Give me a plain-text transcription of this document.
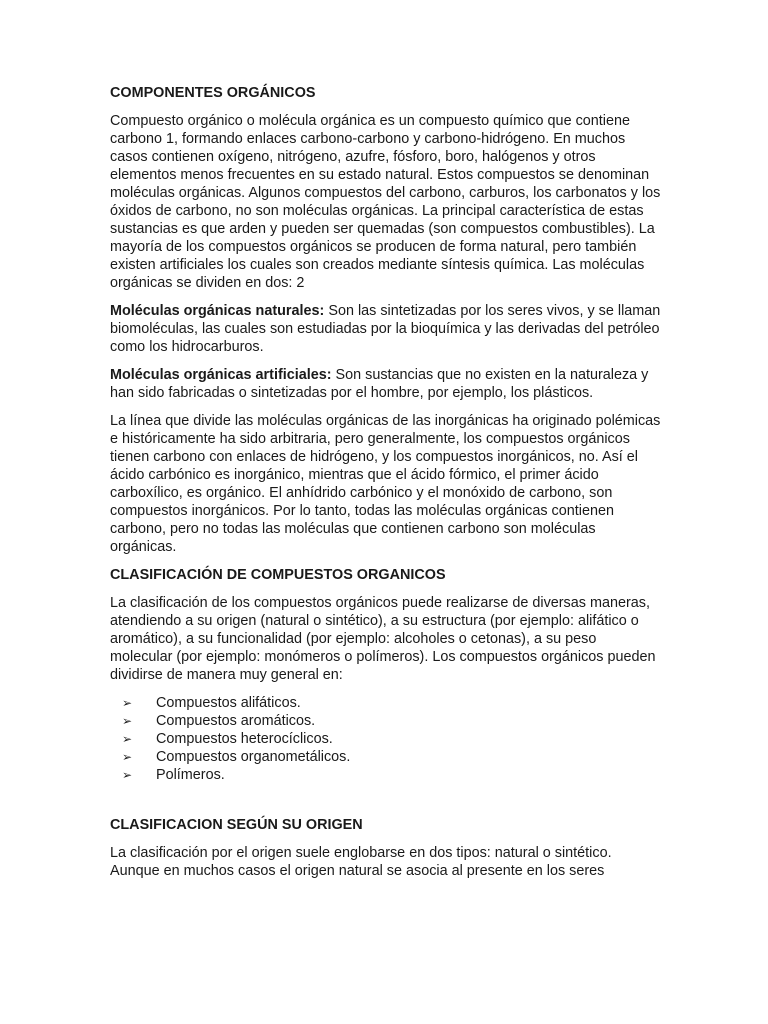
COMPONENTES ORGÁNICOS

Compuesto orgánico o molécula orgánica es un compuesto químico que contiene carbono 1, formando enlaces carbono-carbono y carbono-hidrógeno. En muchos casos contienen oxígeno, nitrógeno, azufre, fósforo, boro, halógenos y otros elementos menos frecuentes en su estado natural. Estos compuestos se denominan moléculas orgánicas. Algunos compuestos del carbono, carburos, los carbonatos y los óxidos de carbono, no son moléculas orgánicas. La principal característica de estas sustancias es que arden y pueden ser quemadas (son compuestos combustibles). La mayoría de los compuestos orgánicos se producen de forma natural, pero también existen artificiales los cuales son creados mediante síntesis química. Las moléculas orgánicas se dividen en dos: 2

Moléculas orgánicas naturales: Son las sintetizadas por los seres vivos, y se llaman biomoléculas, las cuales son estudiadas por la bioquímica y las derivadas del petróleo como los hidrocarburos.

Moléculas orgánicas artificiales: Son sustancias que no existen en la naturaleza y han sido fabricadas o sintetizadas por el hombre, por ejemplo, los plásticos.

La línea que divide las moléculas orgánicas de las inorgánicas ha originado polémicas e históricamente ha sido arbitraria, pero generalmente, los compuestos orgánicos tienen carbono con enlaces de hidrógeno, y los compuestos inorgánicos, no. Así el ácido carbónico es inorgánico, mientras que el ácido fórmico, el primer ácido carboxílico, es orgánico. El anhídrido carbónico y el monóxido de carbono, son compuestos inorgánicos. Por lo tanto, todas las moléculas orgánicas contienen carbono, pero no todas las moléculas que contienen carbono son moléculas orgánicas.

CLASIFICACIÓN DE COMPUESTOS ORGANICOS

La clasificación de los compuestos orgánicos puede realizarse de diversas maneras, atendiendo a su origen (natural o sintético), a su estructura (por ejemplo: alifático o aromático), a su funcionalidad (por ejemplo: alcoholes o cetonas), a su peso molecular (por ejemplo: monómeros o polímeros). Los compuestos orgánicos pueden dividirse de manera muy general en:

➢ Compuestos alifáticos.
➢ Compuestos aromáticos.
➢ Compuestos heterocíclicos.
➢ Compuestos organometálicos.
➢ Polímeros.
CLASIFICACION SEGÚN SU ORIGEN

La clasificación por el origen suele englobarse en dos tipos: natural o sintético. Aunque en muchos casos el origen natural se asocia al presente en los seres
